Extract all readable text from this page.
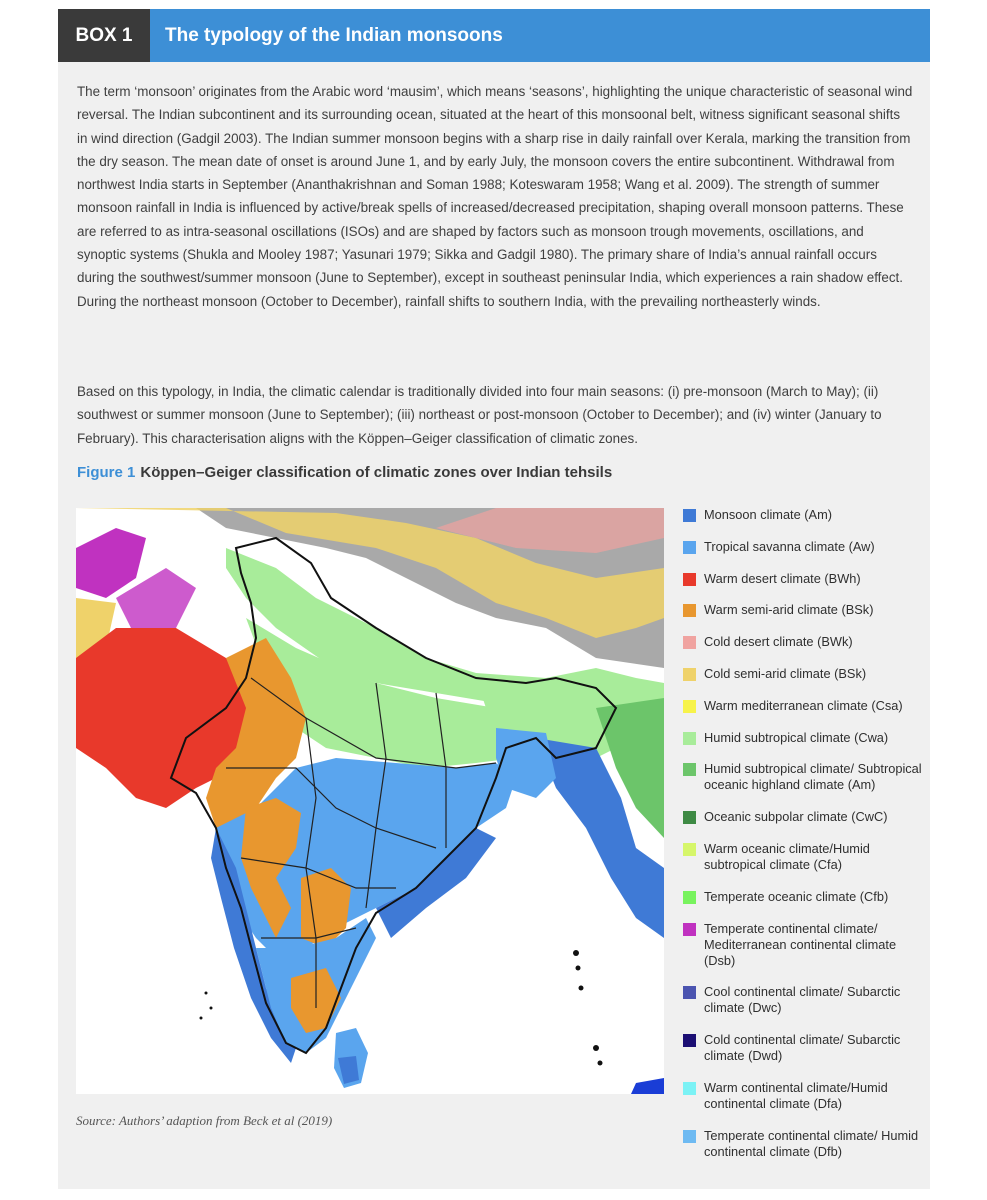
BOX 1	The typology of the Indian monsoons

The term ‘monsoon’ originates from the Arabic word ‘mausim’, which means ‘seasons’, highlighting the unique characteristic of seasonal wind reversal. The Indian subcontinent and its surrounding ocean, situated at the heart of this monsoonal belt, witness significant seasonal shifts in wind direction (Gadgil 2003). The Indian summer monsoon begins with a sharp rise in daily rainfall over Kerala, marking the transition from the dry season. The mean date of onset is around June 1, and by early July, the monsoon covers the entire subcontinent. Withdrawal from northwest India starts in September (Ananthakrishnan and Soman 1988; Koteswaram 1958; Wang et al. 2009). The strength of summer monsoon rainfall in India is influenced by active/break spells of increased/decreased precipitation, shaping overall monsoon patterns. These are referred to as intra-seasonal oscillations (ISOs) and are shaped by factors such as monsoon trough movements, oscillations, and synoptic systems (Shukla and Mooley 1987; Yasunari 1979; Sikka and Gadgil 1980). The primary share of India’s annual rainfall occurs during the southwest/summer monsoon (June to September), except in southeast peninsular India, which experiences a rain shadow effect. During the northeast monsoon (October to December), rainfall shifts to southern India, with the prevailing northeasterly winds.

Based on this typology, in India, the climatic calendar is traditionally divided into four main seasons: (i) pre-monsoon (March to May); (ii) southwest or summer monsoon (June to September); (iii) northeast or post-monsoon (October to December); and (iv) winter (January to February). This characterisation aligns with the Köppen–Geiger classification of climatic zones.

Figure 1 Köppen–Geiger classification of climatic zones over Indian tehsils
Source: Authors’ adaption from Beck et al (2019)
Monsoon climate (Am)
Tropical savanna climate (Aw)
Warm desert climate (BWh)
Warm semi-arid climate (BSk)
Cold desert climate (BWk)
Cold semi-arid climate (BSk)
Warm mediterranean climate (Csa)
Humid subtropical climate (Cwa)
Humid subtropical climate/ Subtropical oceanic highland climate (Am)
Oceanic subpolar climate (CwC)
Warm oceanic climate/Humid subtropical climate (Cfa)
Temperate oceanic climate (Cfb)
Temperate continental climate/ Mediterranean continental climate (Dsb)
Cool continental climate/ Subarctic climate (Dwc)
Cold continental climate/ Subarctic climate (Dwd)
Warm continental climate/Humid continental climate (Dfa)
Temperate continental climate/ Humid continental climate (Dfb)
